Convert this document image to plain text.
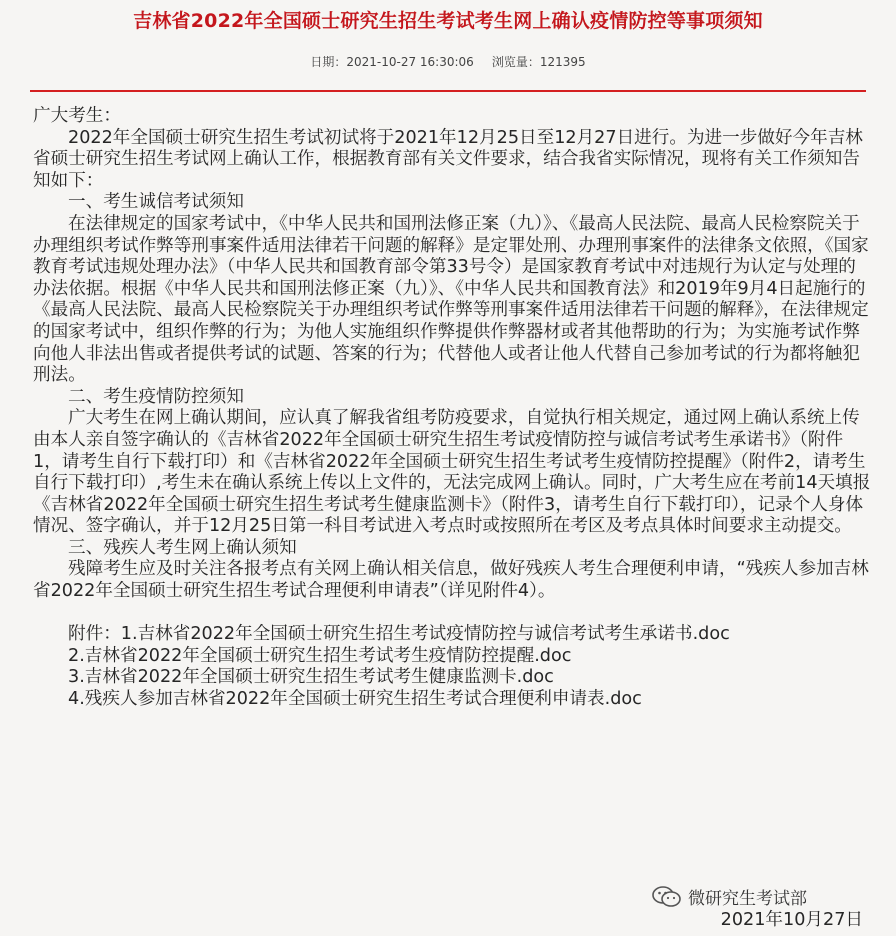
吉林省2022年全国硕士研究生招生考试考生网上确认疫情防控等事项须知
日期：2021-10-27 16:30:06 浏览量：121395

广大考生：

2022年全国硕士研究生招生考试初试将于2021年12月25日至12月27日进行。为进一步做好今年吉林省硕士研究生招生考试网上确认工作，根据教育部有关文件要求，结合我省实际情况，现将有关工作须知告知如下：

一、考生诚信考试须知

在法律规定的国家考试中，《中华人民共和国刑法修正案（九）》、《最高人民法院、最高人民检察院关于办理组织考试作弊等刑事案件适用法律若干问题的解释》是定罪处刑、办理刑事案件的法律条文依照，《国家教育考试违规处理办法》（中华人民共和国教育部令第33号令）是国家教育考试中对违规行为认定与处理的办法依据。根据《中华人民共和国刑法修正案（九）》、《中华人民共和国教育法》和2019年9月4日起施行的《最高人民法院、最高人民检察院关于办理组织考试作弊等刑事案件适用法律若干问题的解释》，在法律规定的国家考试中，组织作弊的行为；为他人实施组织作弊提供作弊器材或者其他帮助的行为；为实施考试作弊向他人非法出售或者提供考试的试题、答案的行为；代替他人或者让他人代替自己参加考试的行为都将触犯刑法。

二、考生疫情防控须知

广大考生在网上确认期间，应认真了解我省组考防疫要求，自觉执行相关规定，通过网上确认系统上传由本人亲自签字确认的《吉林省2022年全国硕士研究生招生考试疫情防控与诚信考试考生承诺书》（附件1，请考生自行下载打印）和《吉林省2022年全国硕士研究生招生考试考生疫情防控提醒》（附件2，请考生自行下载打印）,考生未在确认系统上传以上文件的，无法完成网上确认。同时，广大考生应在考前14天填报《吉林省2022年全国硕士研究生招生考试考生健康监测卡》（附件3，请考生自行下载打印），记录个人身体情况、签字确认，并于12月25日第一科目考试进入考点时或按照所在考区及考点具体时间要求主动提交。

三、残疾人考生网上确认须知

残障考生应及时关注各报考点有关网上确认相关信息，做好残疾人考生合理便利申请，“残疾人参加吉林省2022年全国硕士研究生招生考试合理便利申请表”（详见附件4）。

附件：1.吉林省2022年全国硕士研究生招生考试疫情防控与诚信考试考生承诺书.doc

2.吉林省2022年全国硕士研究生招生考试考生疫情防控提醒.doc

3.吉林省2022年全国硕士研究生招生考试考生健康监测卡.doc

4.残疾人参加吉林省2022年全国硕士研究生招生考试合理便利申请表.doc

微研究生考试部
2021年10月27日
